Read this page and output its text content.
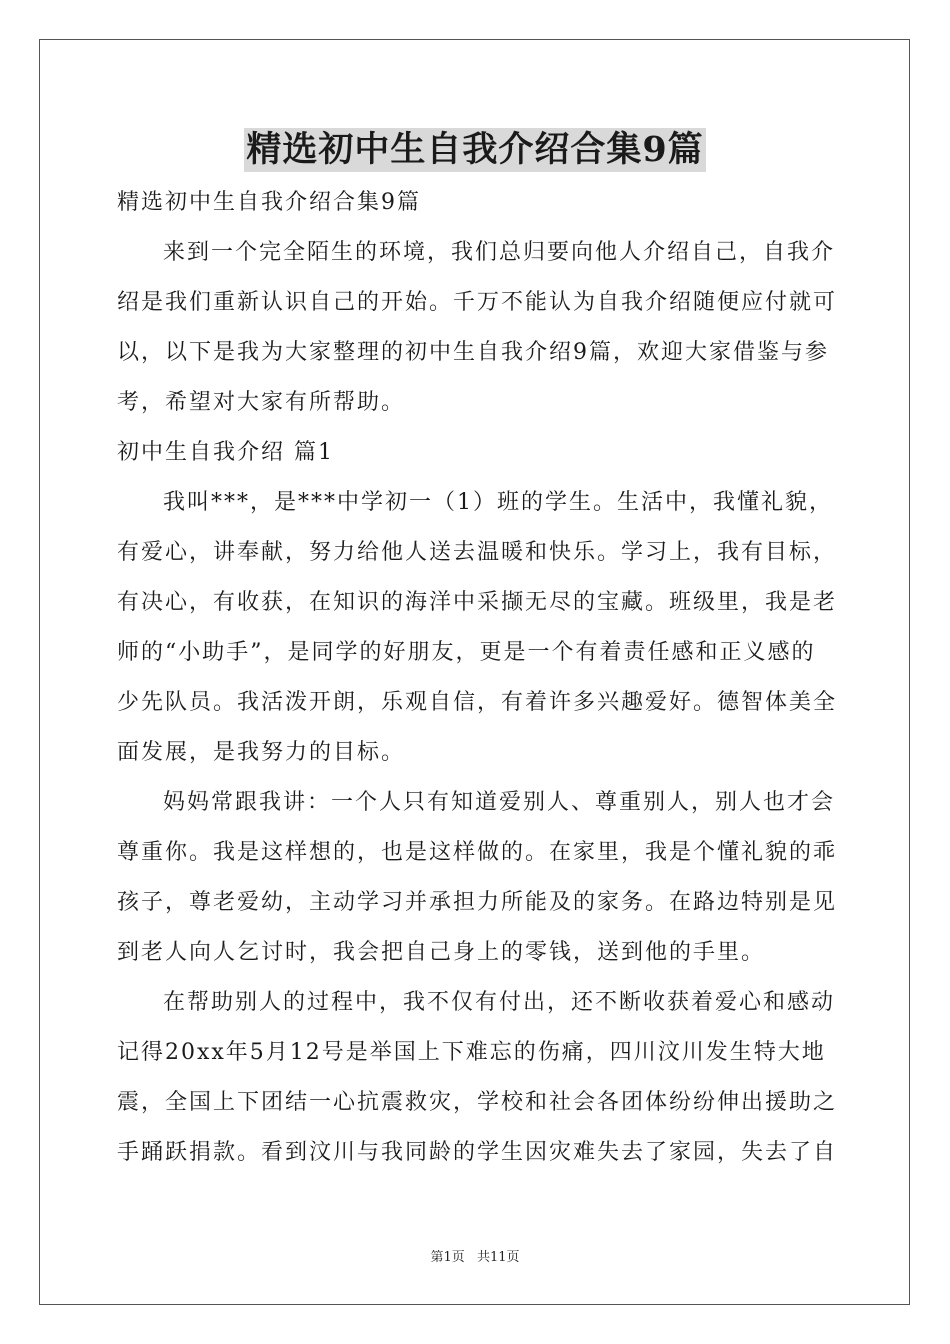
精选初中生自我介绍合集9篇
精选初中生自我介绍合集9篇
来到一个完全陌生的环境，我们总归要向他人介绍自己，自我介
绍是我们重新认识自己的开始。千万不能认为自我介绍随便应付就可
以，以下是我为大家整理的初中生自我介绍9篇，欢迎大家借鉴与参
考，希望对大家有所帮助。
初中生自我介绍 篇1
我叫***，是***中学初一（1）班的学生。生活中，我懂礼貌，
有爱心，讲奉献，努力给他人送去温暖和快乐。学习上，我有目标，
有决心，有收获，在知识的海洋中采撷无尽的宝藏。班级里，我是老
师的“小助手”，是同学的好朋友，更是一个有着责任感和正义感的
少先队员。我活泼开朗，乐观自信，有着许多兴趣爱好。德智体美全
面发展，是我努力的目标。
妈妈常跟我讲：一个人只有知道爱别人、尊重别人，别人也才会
尊重你。我是这样想的，也是这样做的。在家里，我是个懂礼貌的乖
孩子，尊老爱幼，主动学习并承担力所能及的家务。在路边特别是见
到老人向人乞讨时，我会把自己身上的零钱，送到他的手里。
在帮助别人的过程中，我不仅有付出，还不断收获着爱心和感动
记得20xx年5月12号是举国上下难忘的伤痛，四川汶川发生特大地
震，全国上下团结一心抗震救灾，学校和社会各团体纷纷伸出援助之
手踊跃捐款。看到汶川与我同龄的学生因灾难失去了家园，失去了自
第1页 共11页
